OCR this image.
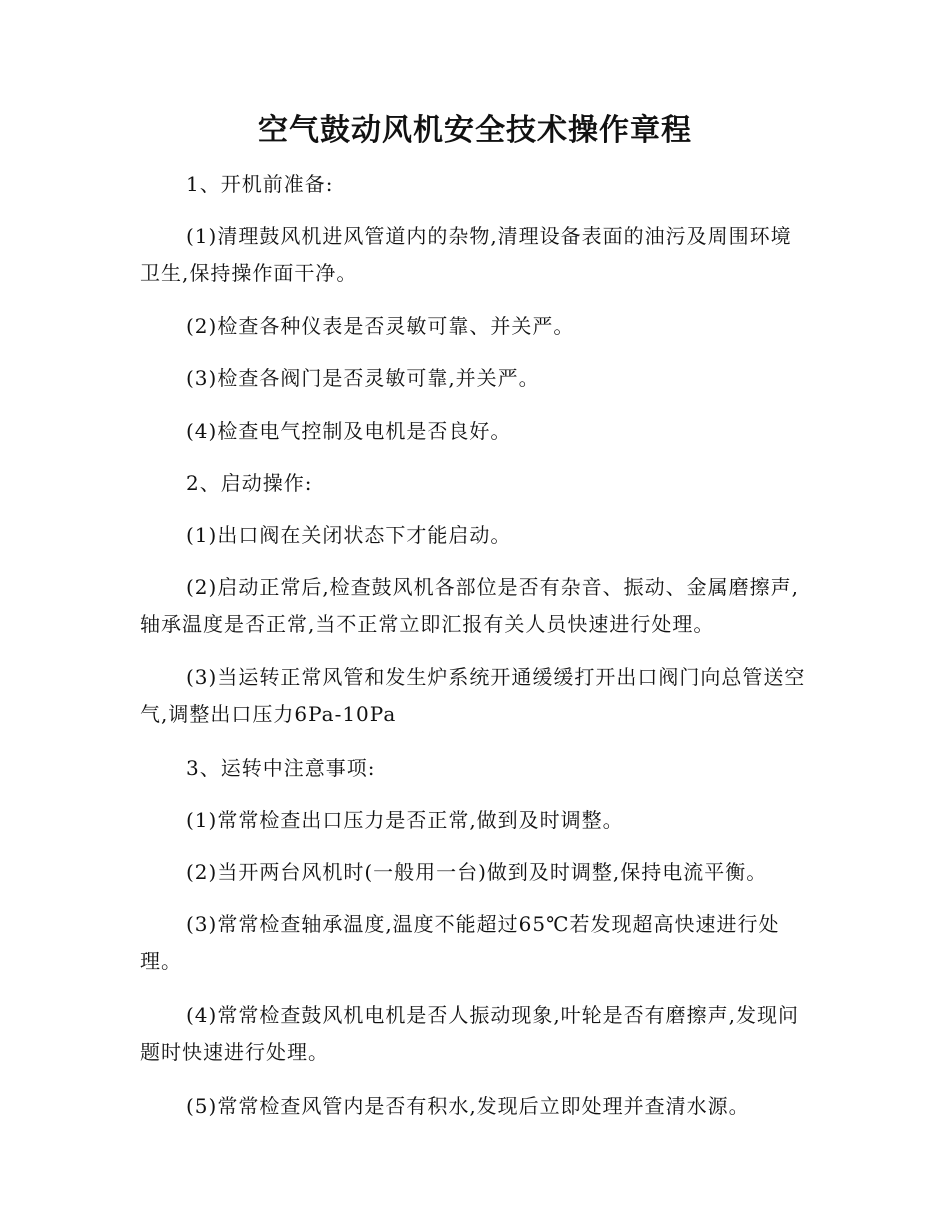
空气鼓动风机安全技术操作章程

1、开机前准备:

(1)清理鼓风机进风管道内的杂物,清理设备表面的油污及周围环境卫生,保持操作面干净。

(2)检查各种仪表是否灵敏可靠、并关严。

(3)检查各阀门是否灵敏可靠,并关严。

(4)检查电气控制及电机是否良好。

2、启动操作:

(1)出口阀在关闭状态下才能启动。

(2)启动正常后,检查鼓风机各部位是否有杂音、振动、金属磨擦声,轴承温度是否正常,当不正常立即汇报有关人员快速进行处理。

(3)当运转正常风管和发生炉系统开通缓缓打开出口阀门向总管送空气,调整出口压力6Pa-10Pa

3、运转中注意事项:

(1)常常检查出口压力是否正常,做到及时调整。

(2)当开两台风机时(一般用一台)做到及时调整,保持电流平衡。

(3)常常检查轴承温度,温度不能超过65℃若发现超高快速进行处理。

(4)常常检查鼓风机电机是否人振动现象,叶轮是否有磨擦声,发现问题时快速进行处理。

(5)常常检查风管内是否有积水,发现后立即处理并查清水源。
